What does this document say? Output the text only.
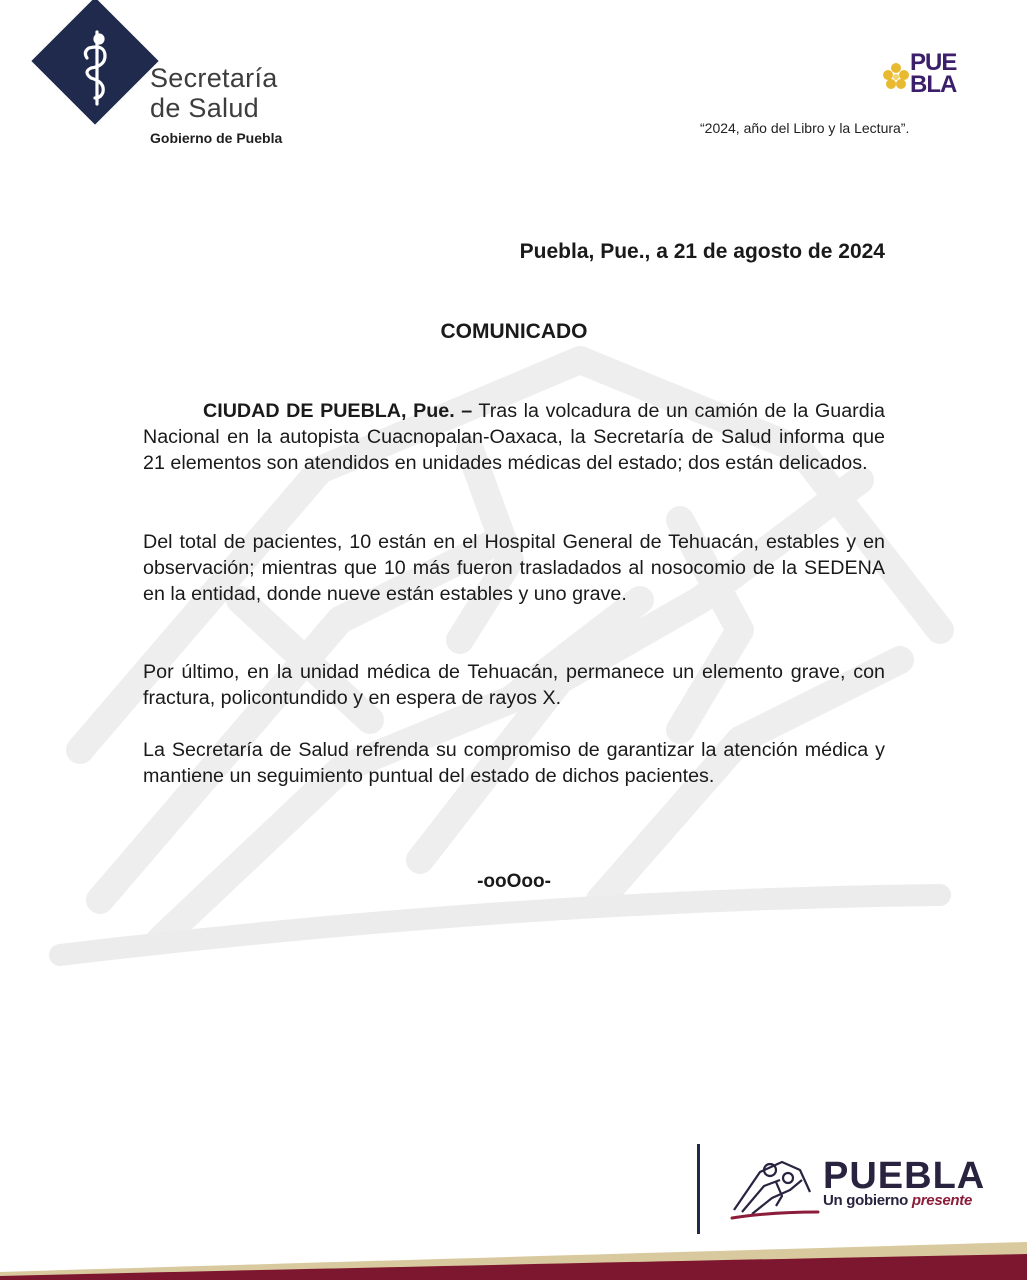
Secretaría
de Salud
Gobierno de Puebla
PUE
BLA
“2024, año del Libro y la Lectura”.
Puebla, Pue., a 21 de agosto de 2024
COMUNICADO

CIUDAD DE PUEBLA, Pue. – Tras la volcadura de un camión de la Guardia Nacional en la autopista Cuacnopalan-Oaxaca, la Secretaría de Salud informa que 21 elementos son atendidos en unidades médicas del estado; dos están delicados.

Del total de pacientes, 10 están en el Hospital General de Tehuacán, estables y en observación; mientras que 10 más fueron trasladados al nosocomio de la SEDENA en la entidad, donde nueve están estables y uno grave.

Por último, en la unidad médica de Tehuacán, permanece un elemento grave, con fractura, policontundido y en espera de rayos X.

La Secretaría de Salud refrenda su compromiso de garantizar la atención médica y mantiene un seguimiento puntual del estado de dichos pacientes.

-ooOoo-
PUEBLA
Un gobierno presente
